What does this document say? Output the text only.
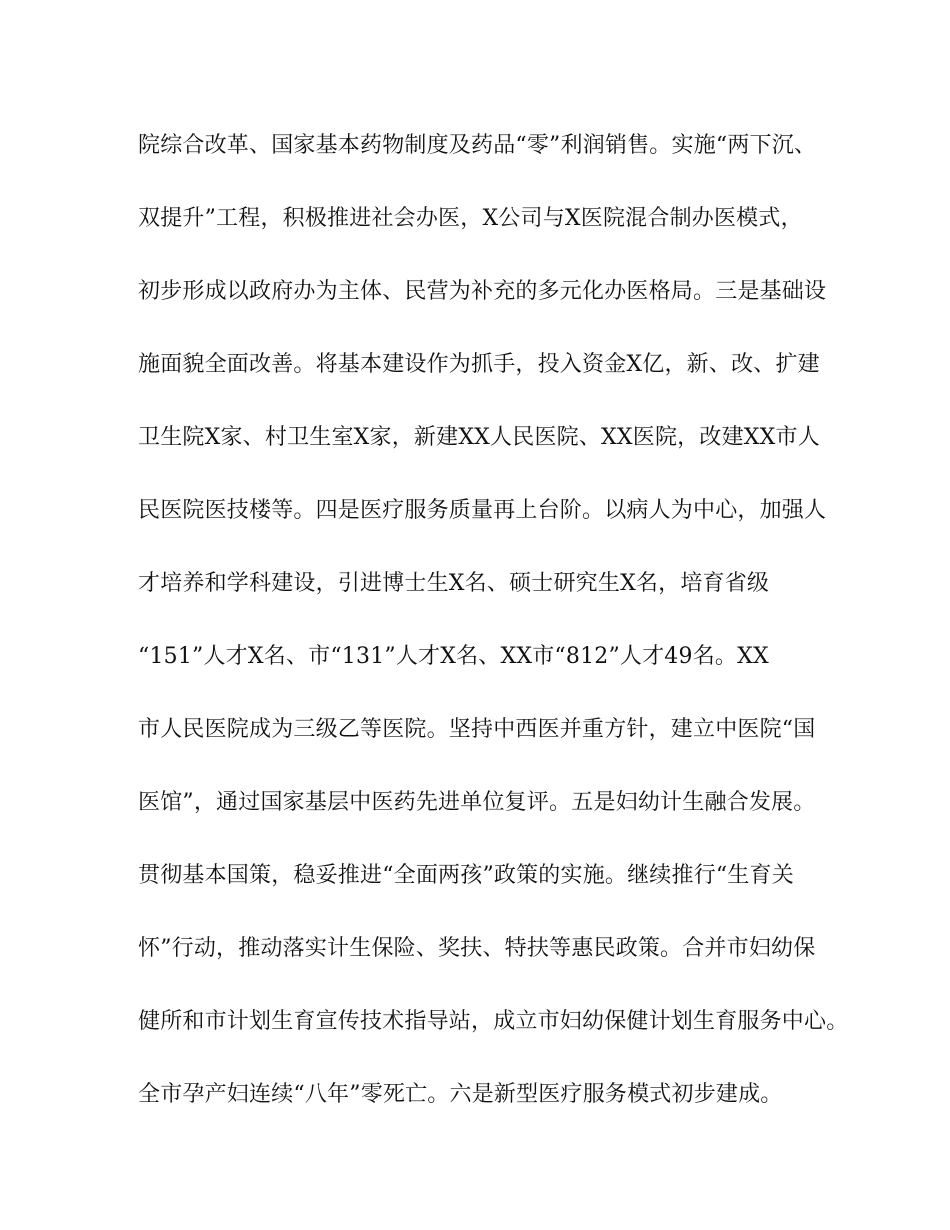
院综合改革、国家基本药物制度及药品“零”利润销售。实施“两下沉、
双提升”工程，积极推进社会办医，X公司与X医院混合制办医模式，
初步形成以政府办为主体、民营为补充的多元化办医格局。三是基础设
施面貌全面改善。将基本建设作为抓手，投入资金X亿，新、改、扩建
卫生院X家、村卫生室X家，新建XX人民医院、XX医院，改建XX市人
民医院医技楼等。四是医疗服务质量再上台阶。以病人为中心，加强人
才培养和学科建设，引进博士生X名、硕士研究生X名，培育省级
“151”人才X名、市“131”人才X名、XX市“812”人才49名。XX
市人民医院成为三级乙等医院。坚持中西医并重方针，建立中医院“国
医馆”，通过国家基层中医药先进单位复评。五是妇幼计生融合发展。
贯彻基本国策，稳妥推进“全面两孩”政策的实施。继续推行“生育关
怀”行动，推动落实计生保险、奖扶、特扶等惠民政策。合并市妇幼保
健所和市计划生育宣传技术指导站，成立市妇幼保健计划生育服务中心。
全市孕产妇连续“八年”零死亡。六是新型医疗服务模式初步建成。
